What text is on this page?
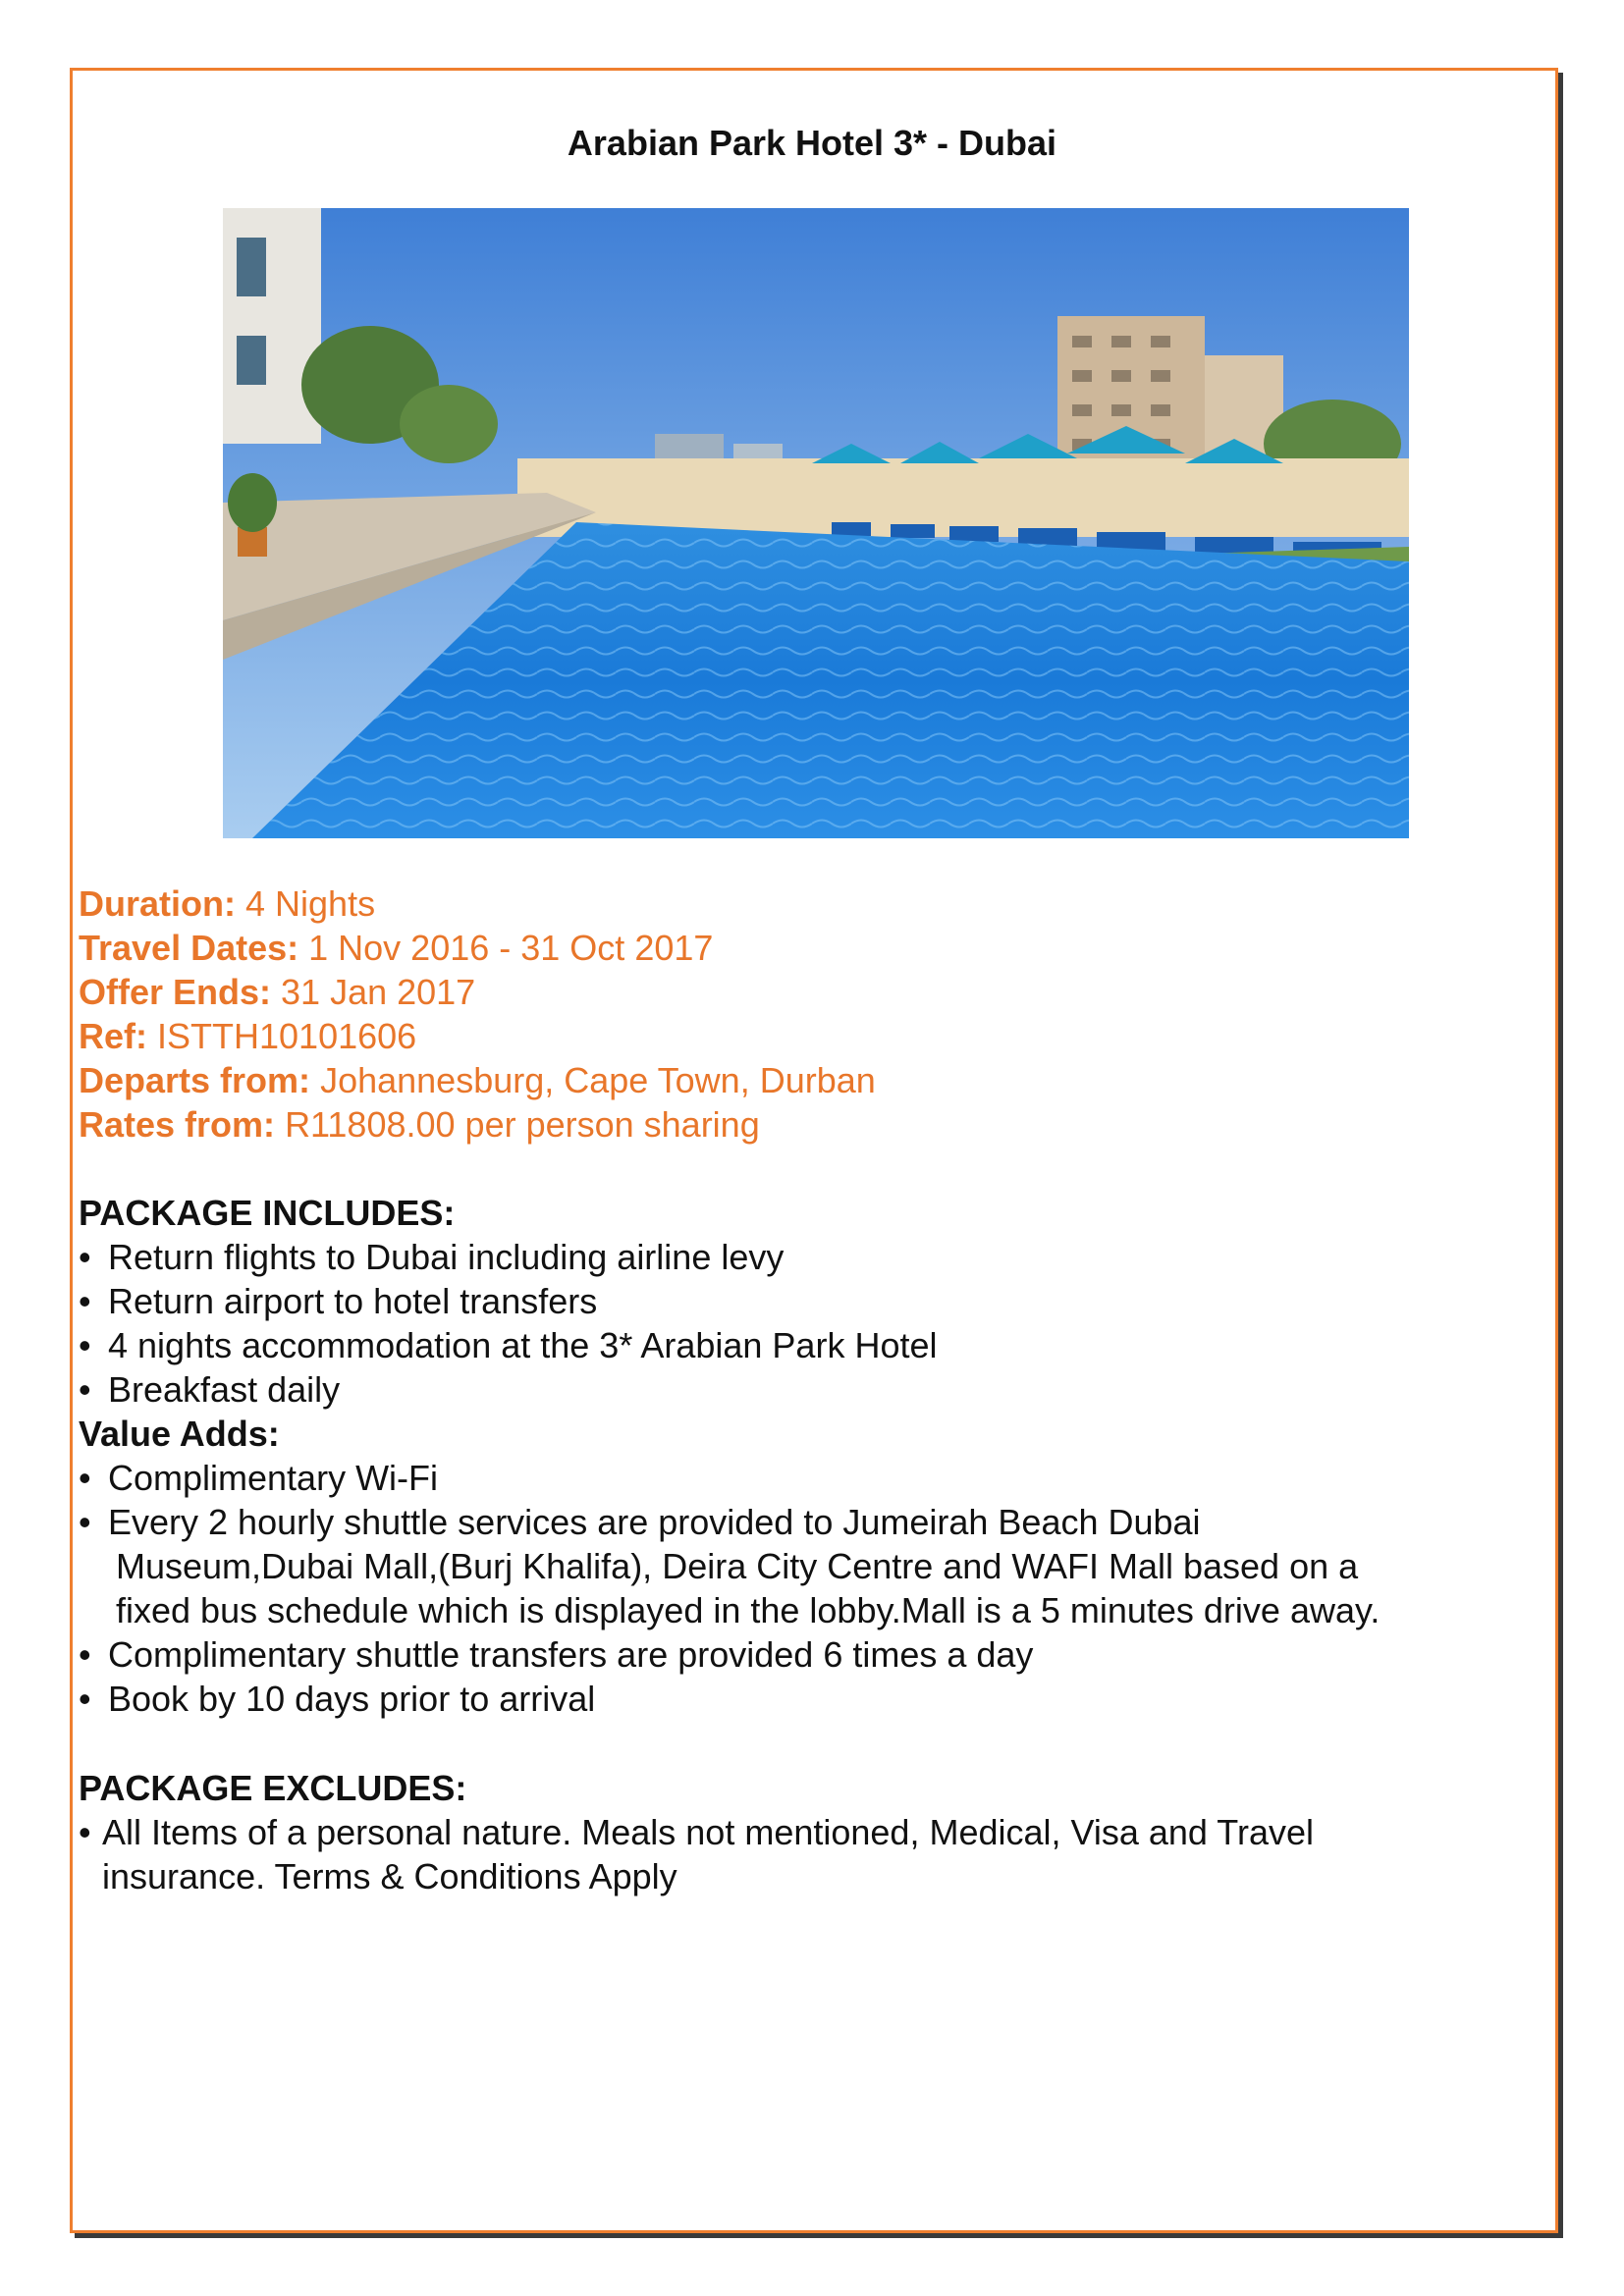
Arabian Park Hotel 3* - Dubai
Duration: 4 Nights
Travel Dates: 1 Nov 2016 - 31 Oct 2017
Offer Ends: 31 Jan 2017
Ref: ISTTH10101606
Departs from: Johannesburg, Cape Town, Durban
Rates from: R11808.00 per person sharing
PACKAGE INCLUDES:
• Return flights to Dubai including airline levy
• Return airport to hotel transfers
• 4 nights accommodation at the 3* Arabian Park Hotel
• Breakfast daily
Value Adds:
• Complimentary Wi-Fi
• Every 2 hourly shuttle services are provided to Jumeirah Beach Dubai
Museum,Dubai Mall,(Burj Khalifa), Deira City Centre and WAFI Mall based on a
fixed bus schedule which is displayed in the lobby.Mall is a 5 minutes drive away.
• Complimentary shuttle transfers are provided 6 times a day
• Book by 10 days prior to arrival
PACKAGE EXCLUDES:
• All Items of a personal nature. Meals not mentioned, Medical, Visa and Travel
insurance. Terms & Conditions Apply
